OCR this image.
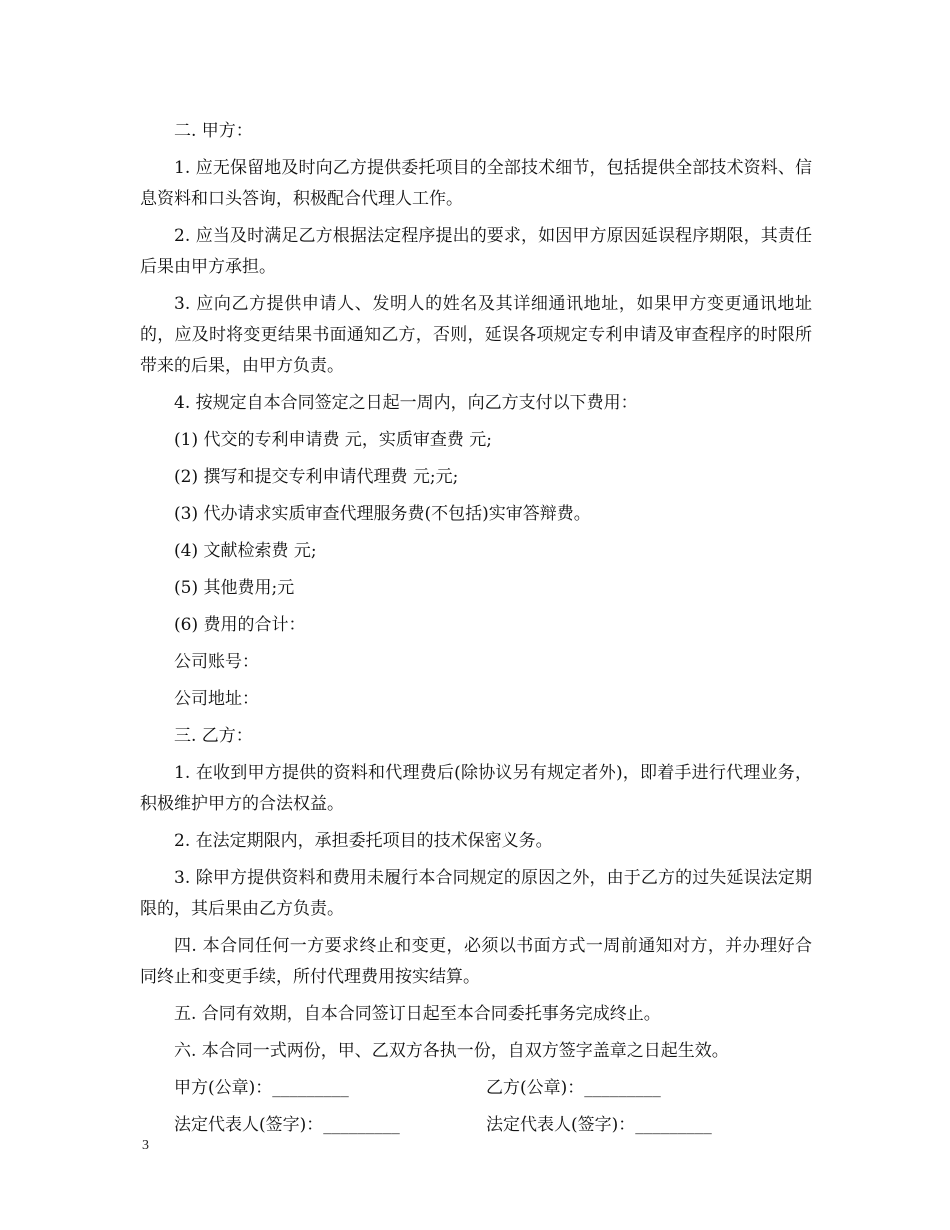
二. 甲方：

1. 应无保留地及时向乙方提供委托项目的全部技术细节，包括提供全部技术资料、信息资料和口头答询，积极配合代理人工作。

2. 应当及时满足乙方根据法定程序提出的要求，如因甲方原因延误程序期限，其责任后果由甲方承担。

3. 应向乙方提供申请人、发明人的姓名及其详细通讯地址，如果甲方变更通讯地址的，应及时将变更结果书面通知乙方，否则，延误各项规定专利申请及审查程序的时限所带来的后果，由甲方负责。

4. 按规定自本合同签定之日起一周内，向乙方支付以下费用：

(1) 代交的专利申请费 元，实质审查费 元;

(2) 撰写和提交专利申请代理费 元;元;

(3) 代办请求实质审查代理服务费(不包括)实审答辩费。

(4) 文献检索费 元;

(5) 其他费用;元

(6) 费用的合计：

公司账号：

公司地址：

三. 乙方：

1. 在收到甲方提供的资料和代理费后(除协议另有规定者外)，即着手进行代理业务，积极维护甲方的合法权益。

2. 在法定期限内，承担委托项目的技术保密义务。

3. 除甲方提供资料和费用未履行本合同规定的原因之外，由于乙方的过失延误法定期限的，其后果由乙方负责。

四. 本合同任何一方要求终止和变更，必须以书面方式一周前通知对方，并办理好合同终止和变更手续，所付代理费用按实结算。

五. 合同有效期，自本合同签订日起至本合同委托事务完成终止。

六. 本合同一式两份，甲、乙双方各执一份，自双方签字盖章之日起生效。

甲方(公章)：_________	乙方(公章)：_________
法定代表人(签字)：_________	法定代表人(签字)：_________
3
